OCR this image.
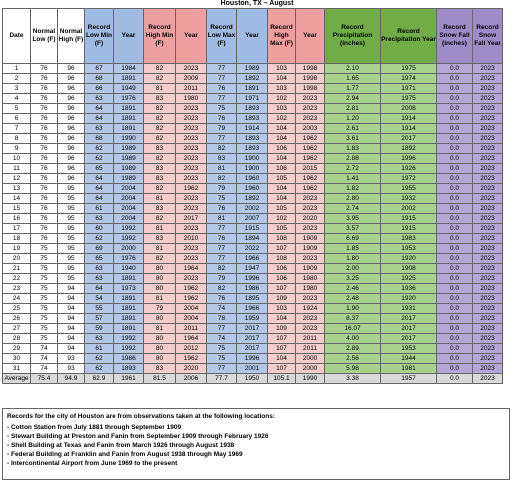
Houston, TX – August
Date	Normal Low (F)	Normal High (F)	Record Low Min (F)	Year	Record High Min (F)	Year	Record Low Max (F)	Year	Record High Max (F)	Year	Record Precipitation (inches)	Record Precipitation Year	Record Snow Fall (inches)	Record Snow Fall Year
1	76	96	67	1984	82	2023	77	1989	103	1998	2.10	1975	0.0	2023
2	76	96	68	1891	82	2009	77	1892	104	1998	1.65	1974	0.0	2023
3	76	96	66	1949	81	2011	76	1891	103	1998	1.77	1971	0.0	2023
4	76	96	63	1976	83	1980	77	1971	102	2023	2.94	1975	0.0	2023
5	76	96	64	1891	82	2023	75	1893	103	2023	2.81	2008	0.0	2023
6	76	96	64	1891	82	2023	76	1893	102	2023	1.20	1914	0.0	2023
7	76	96	63	1891	82	2023	79	1914	104	2003	2.61	1914	0.0	2023
8	76	96	68	1990	82	2023	77	1893	104	1962	3.61	2017	0.0	2023
9	76	96	62	1989	83	2023	82	1893	106	1962	1.83	1892	0.0	2023
10	76	96	62	1989	82	2023	83	1900	104	1962	2.88	1996	0.0	2023
11	76	96	65	1989	83	2023	81	1900	106	2015	2.72	1926	0.0	2023
12	76	96	64	1989	83	2023	82	1960	105	1962	1.41	1972	0.0	2023
13	76	95	64	2004	82	1962	79	1960	104	1962	1.82	1955	0.0	2023
14	76	95	64	2004	81	2023	75	1892	104	2023	2.80	1932	0.0	2023
15	76	95	61	2004	83	2023	76	2002	105	2023	2.74	2002	0.0	2023
16	76	95	63	2004	82	2017	81	2007	102	2020	3.95	1915	0.0	2023
17	76	95	60	1992	81	2023	77	1915	105	2023	3.57	1915	0.0	2023
18	76	95	62	1992	83	2010	76	1894	108	1909	6.69	1983	0.0	2023
19	75	95	69	2000	81	2023	77	2022	107	1909	1.85	1953	0.0	2023
20	75	95	65	1976	82	2023	77	1966	108	2023	1.80	1920	0.0	2023
21	75	95	63	1940	80	1964	82	1947	106	1909	2.00	1908	0.0	2023
22	75	95	63	1891	80	2023	79	1996	106	1980	3.25	1925	0.0	2023
23	75	94	64	1973	80	1962	82	1986	107	1980	2.46	1936	0.0	2023
24	75	94	54	1891	81	1962	76	1895	109	2023	2.48	1920	0.0	2023
25	75	94	55	1891	79	2004	74	1966	103	1924	1.90	1931	0.0	2023
26	75	94	57	1891	80	2004	78	1959	104	2023	8.37	2017	0.0	2023
27	75	94	59	1891	81	2011	77	2017	109	2023	16.07	2017	0.0	2023
28	75	94	63	1992	80	1964	74	2017	107	2011	4.00	2017	0.0	2023
29	74	94	61	1992	80	2012	75	2017	107	2011	2.89	1953	0.0	2023
30	74	93	62	1986	80	1962	75	1996	104	2000	2.56	1944	0.0	2023
31	74	93	62	1893	83	2020	77	2001	107	2000	5.98	1981	0.0	2023
Average	75.4	94.9	62.9	1961	81.5	2006	77.7	1950	105.1	1990	3.38	1957	0.0	2023
Records for the city of Houston are from observations taken at the following locations:
- Cotton Station from July 1881 through September 1909
- Stewart Building at Preston and Fanin from September 1909 through February 1926
- Shell Building at Texas and Fanin from March 1926 through August 1938
- Federal Building at Franklin and Fanin from August 1938 through May 1969
- Intercontinental Airport from June 1969 to the present
